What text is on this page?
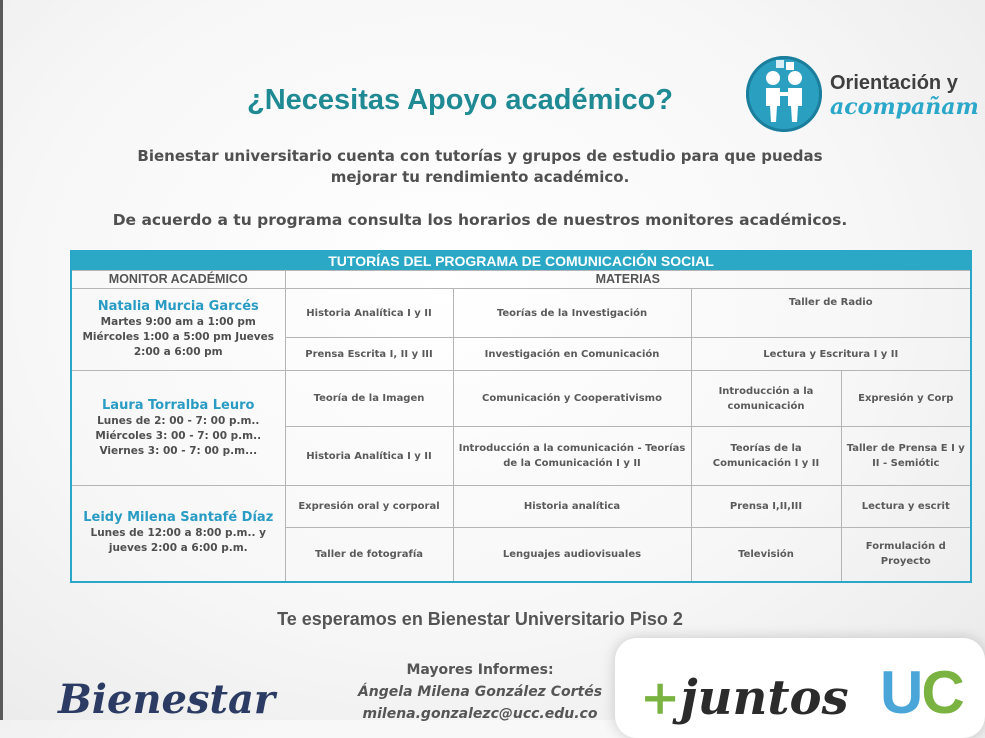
¿Necesitas Apoyo académico?
Orientación y
acompañam
Bienestar universitario cuenta con tutorías y grupos de estudio para que puedas
mejorar tu rendimiento académico.
De acuerdo a tu programa consulta los horarios de nuestros monitores académicos.
TUTORÍAS DEL PROGRAMA DE COMUNICACIÓN SOCIAL				
MONITOR ACADÉMICO	MATERIAS			

Natalia Murcia Garcés
Martes 9:00 am a 1:00 pm Miércoles 1:00 a 5:00 pm Jueves 2:00 a 6:00 pm	Historia Analítica I y II	Teorías de la Investigación	Taller de Radio	
	Prensa Escrita I, II y III	Investigación en Comunicación	Lectura y Escritura I y II	

Laura Torralba Leuro
Lunes de 2: 00 - 7: 00 p.m.. Miércoles 3: 00 - 7: 00 p.m.. Viernes 3: 00 - 7: 00 p.m...	Teoría de la Imagen	Comunicación y Cooperativismo	Introducción a la comunicación	Expresión y Corp
	Historia Analítica I y II	Introducción a la comunicación - Teorías de la Comunicación I y II	Teorías de la Comunicación I y II	Taller de Prensa E I y II - Semiótic

Leidy Milena Santafé Díaz
Lunes de 12:00 a 8:00 p.m.. y jueves 2:00 a 6:00 p.m.	Expresión oral y corporal	Historia analítica	Prensa I,II,III	Lectura y escrit
	Taller de fotografía	Lenguajes audiovisuales	Televisión	Formulación d Proyecto
Te esperamos en Bienestar Universitario Piso 2
Mayores Informes:
Ángela Milena González Cortés
milena.gonzalezc@ucc.edu.co
Bienestar	+juntos UC
